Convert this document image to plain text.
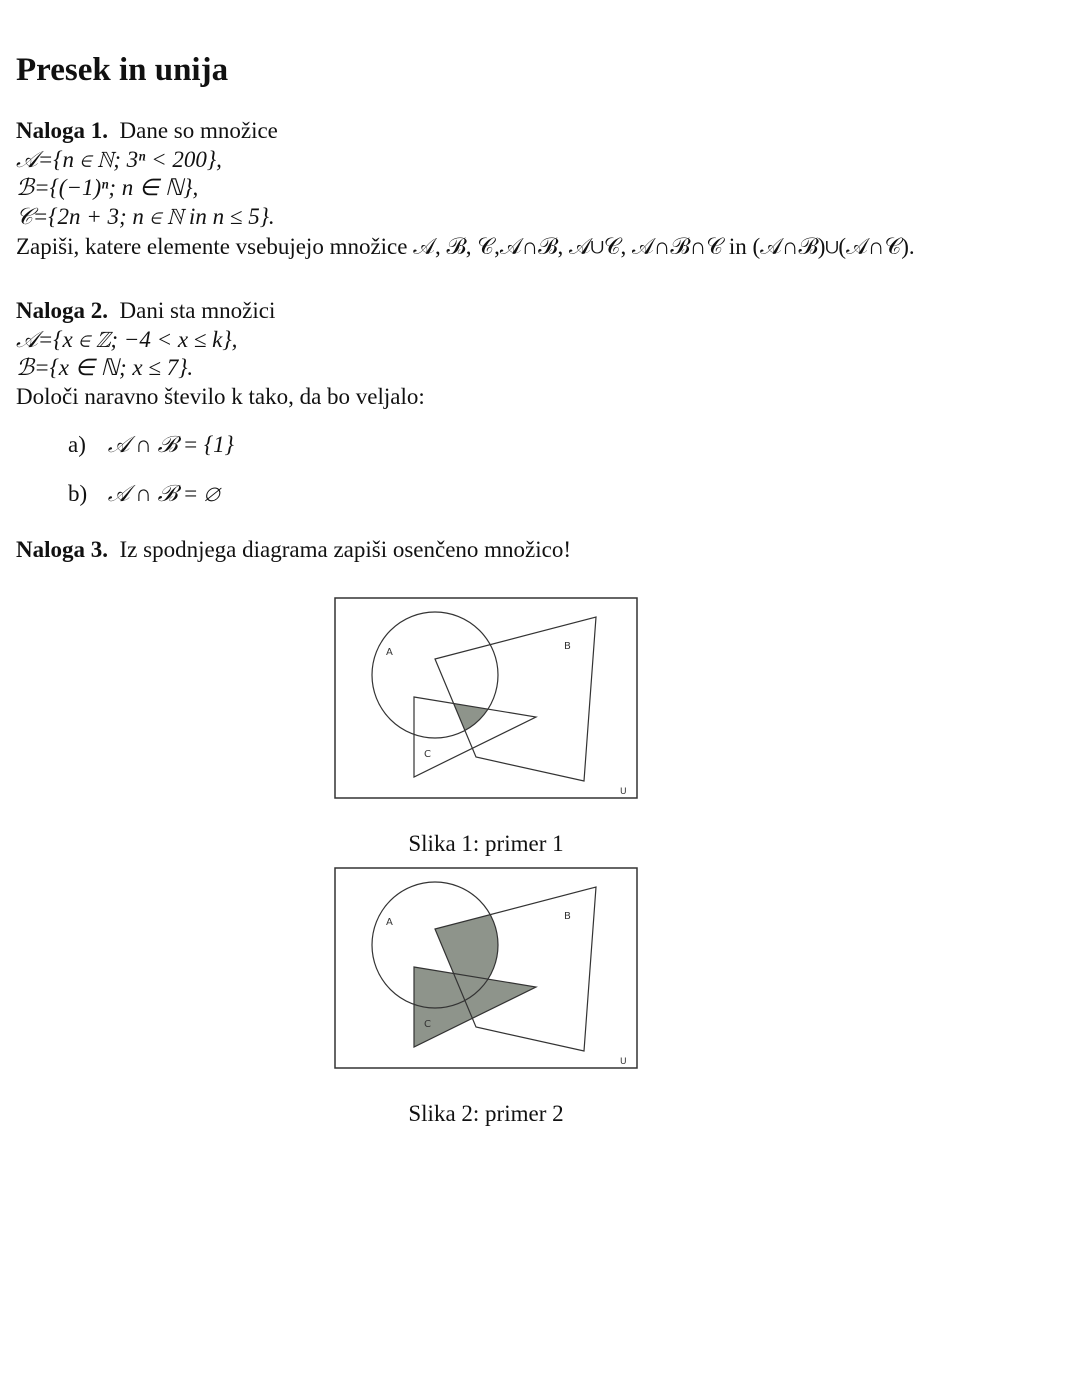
Presek in unija

Naloga 1. Dane so množice

𝒜={n ∈ ℕ; 3ⁿ < 200},

ℬ={(−1)ⁿ; n ∈ ℕ},

𝒞={2n + 3; n ∈ ℕ in n ≤ 5}.

Zapiši, katere elemente vsebujejo množice 𝒜, ℬ, 𝒞,𝒜∩ℬ, 𝒜∪𝒞, 𝒜∩ℬ∩𝒞 in (𝒜∩ℬ)∪(𝒜∩𝒞).

Naloga 2. Dani sta množici

𝒜={x ∈ ℤ; −4 < x ≤ k},

ℬ={x ∈ ℕ; x ≤ 7}.

Določi naravno število k tako, da bo veljalo:

a) 𝒜 ∩ ℬ = {1}

b) 𝒜 ∩ ℬ = ∅

Naloga 3. Iz spodnjega diagrama zapiši osenčeno množico!

A
B
C
U
Slika 1: primer 1
A
B
C
U
Slika 2: primer 2
